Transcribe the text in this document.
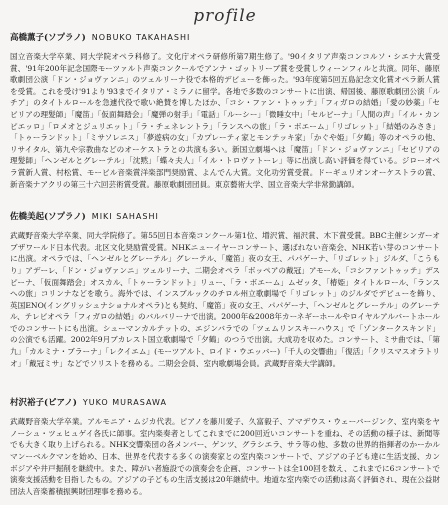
profile
高橋薫子(ソプラノ) NOBUKO TAKAHASHI

国立音楽大学卒業、同大学院オペラ科修了。文化庁オペラ研修所第7期生修了。'90イタリア声楽コンコルソ・シエナ大賞受賞、'91年200年記念国際モーツァルト声楽コンクールでアンナ・ゴットリーブ賞を受賞しウィーンフィルと共演。同年、藤原歌劇団公演「ドン・ジョヴァンニ」のツェルリーナ役で本格的デビューを飾った。'93年度第5回五島記念文化賞オペラ新人賞を受賞。これを受け'91より'93までイタリア・ミラノに留学。各地で多数のコンサートに出演、帰国後、藤原歌劇団公演「ルチア」のタイトルロールを急遽代役で歌い絶賛を博したほか、「コシ・ファン・トゥッテ」「フィガロの結婚」「愛の妙薬」「セビリアの理髪師」「魔笛」「仮面舞踏会」「魔弾の射手」「電話」「ルーシー」「微睡女中」「セルビーナ」「人間の声」「イル・カンピエッロ」「ロメオとジュリエット」「ラ・チェネレントラ」「ランスへの旅」「ラ・ボエーム」「リゴレット」「結婚のみさき」「トゥーランドット」「ミサソレニス」「夢遊病の女」「カプレーティ家とモンテッキ家」「かぐや姫」「夕鶴」等のオペラの他、リサイタル、第九や宗教曲などのオーケストラとの共演も多い。新国立劇場へは「魔笛」「ドン・ジョヴァンニ」「セビリアの理髪師」「ヘンゼルとグレーテル」「沈黙」「蝶々夫人」「イル・トロヴァトーレ」等に出演し高い評価を得ている。ジローオペラ賞新人賞、村松賞、モービル音楽賞洋楽部門奨励賞、よんでん大賞。文化功労賞受賞。ドーギュリオンオーケストラの賞、新音楽ナアクリの第三十六回芸術賞受賞。藤原歌劇団団員。東京藝術大学、国立音楽大学非常勤講師。

佐橋美起(ソプラノ) MIKI SAHASHI

武蔵野音楽大学卒業、同大学院修了。第55回日本音楽コンクール第1位、増沢賞、福沢賞、木下賞受賞。BBC主催シンガーオブザワールド日本代表。北区文化奨励賞受賞。NHKニューイヤーコンサート、選ばれない音楽会、NHK若い芽のコンサートに出演。オペラでは、「ヘンゼルとグレーテル」グレーテル、「魔笛」夜の女王、パパゲーナ、「リゴレット」ジルダ、「こうもり」アデーレ、「ドン・ジョヴァンニ」ツェルリーナ、二期会オペラ「ボッペアの戴冠」アモール、「コシファントゥッテ」デスピーナ、「仮面舞踏会」オスカル、「トゥーランドット」リュー、「ラ・ボエーム」ムゼッタ、「椿姫」タイトルロール、「ランスへの旅」コリンナなどを歌う。海外では、インスブルックのチロル州立歌劇場で「リゴレット」のジルダでデビューを飾り、英国ENO(イングリッシュナショナルオペラ)とも契約、「魔笛」夜の女王、パパゲーナ、「ヘンゼルとグレーテル」のグレーテル、テレビオペラ「フィガロの結婚」のバルバリーナで出演。2000年&2008年カーネギーホールやロイヤルアルバートホールでのコンサートにも出演。シューマンカルテットの、エジンバラでの「ツェムリンスキーハウス」で「ゾンタークスキンド」の公演でも活躍。2002年9月ブカレスト国立歌劇場で「夕鶴」のつうで出演。大成功を収めた。コンサート、ミサ曲では、「第九」「カルミナ・ブラーナ」「レクイエム」(モーツアルト、ロイド・ウエッバー)「千人の交響曲」「復活」「クリスマスオラトリオ」「戴冠ミサ」などでソリストを務める。二期会会員、室内歌劇場会員。武蔵野音楽大学講師。

村沢裕子(ピアノ) YUKO MURASAWA

武蔵野音楽大学卒業。アルモニア・ムジカ代表。ピアノを藤川愛子、久富毅子、アマデウス・ウェーバージンク、室内楽をヤノーシュ・ツェヒュゲイ各氏に師事。室内楽奏者としてこれまでに200回近いコンサートを重ね、その活動の様子は、新聞等でも大きく取り上げられる。NHK交響楽団の各メンバー、ゲンツ、グラシエラ、サラ等の他、多数の世界的指揮者のかーかルマンーベルクマンを始め、日本、世界を代表する多くの演奏家との室内楽コンサートで、アジアの子ども達に生活支援、カンボジアや井戸掘削を継続中。また、障がい者施設での演奏会を企画、コンサートは全100回を数え、これまでに6コンサートで演奏支援活動を目指したもの。アジアの子どもの生活支援は20年継続中。地道な室内楽での活動は高く評価され、現在公益財団法人音楽蓄積振興財団理事を務める。
